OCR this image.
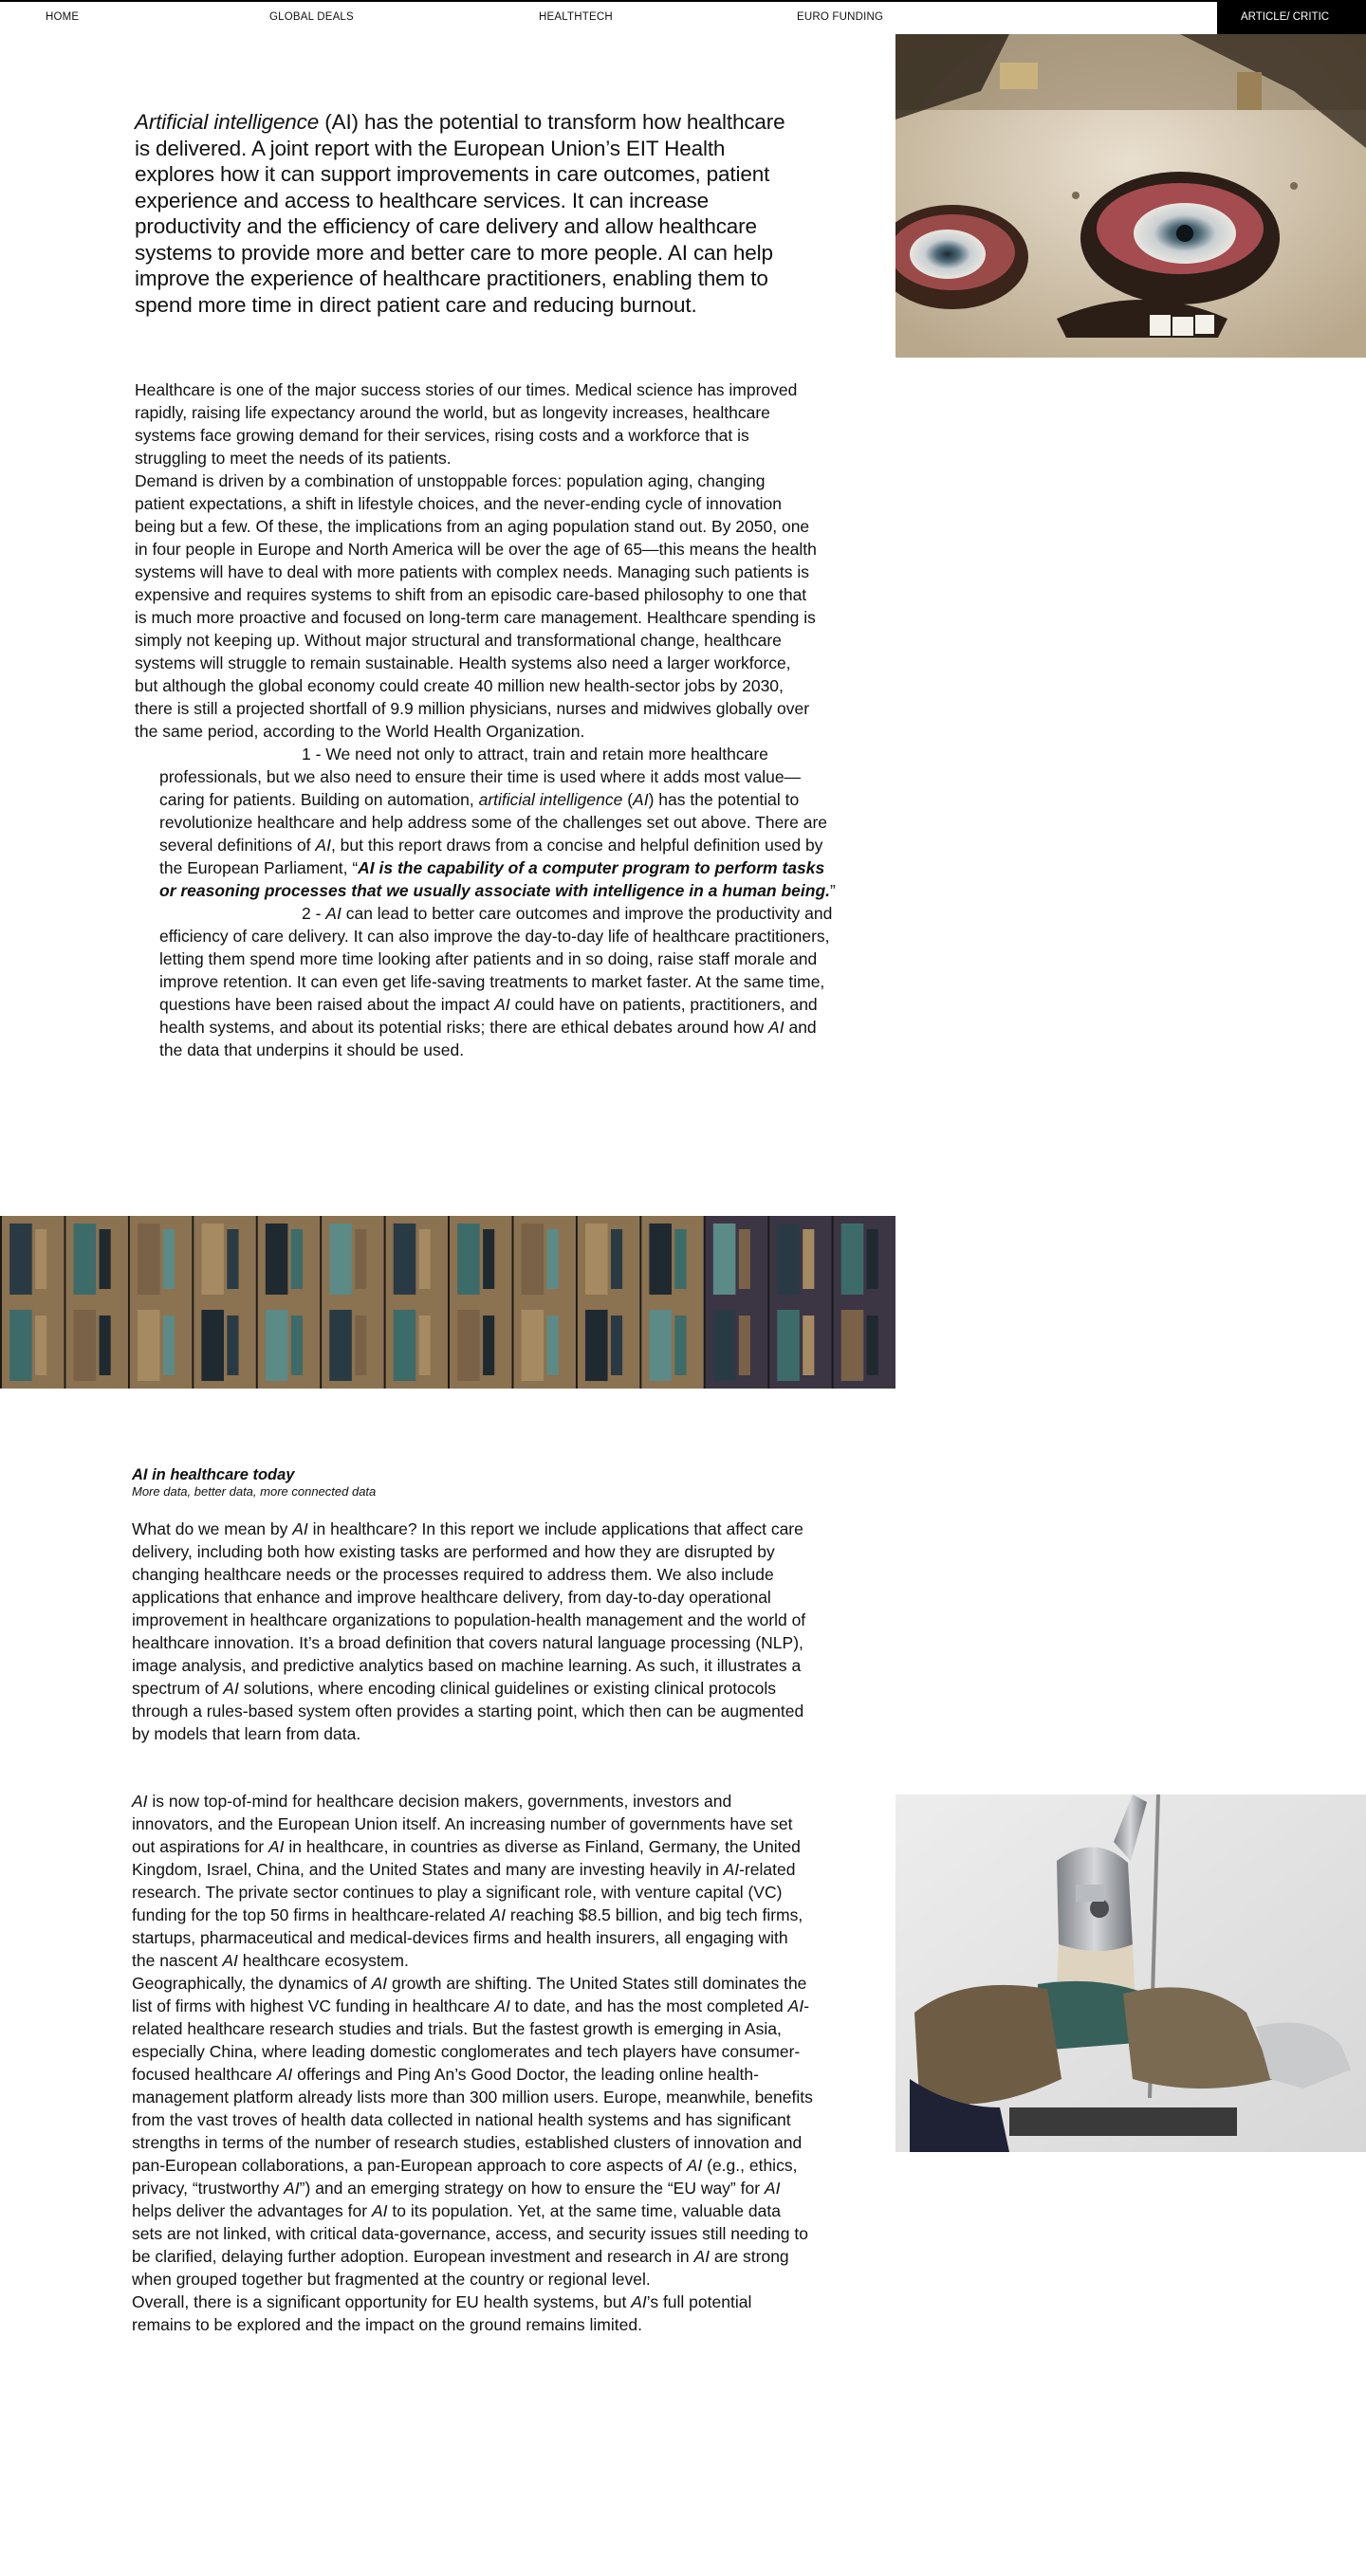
HOME	GLOBAL DEALS	HEALTHTECH	EURO FUNDING	ARTICLE/ CRITIC
Artificial intelligence (AI) has the potential to transform how healthcare is delivered. A joint report with the European Union’s EIT Health explores how it can support improvements in care outcomes, patient experience and access to healthcare services. It can increase productivity and the efficiency of care delivery and allow healthcare systems to provide more and better care to more people. AI can help improve the experience of healthcare practitioners, enabling them to spend more time in direct patient care and reducing burnout.

Healthcare is one of the major success stories of our times. Medical science has improved rapidly, raising life expectancy around the world, but as longevity increases, healthcare systems face growing demand for their services, rising costs and a workforce that is struggling to meet the needs of its patients.

Demand is driven by a combination of unstoppable forces: population aging, changing patient expectations, a shift in lifestyle choices, and the never-ending cycle of innovation being but a few. Of these, the implications from an aging population stand out. By 2050, one in four people in Europe and North America will be over the age of 65—this means the health systems will have to deal with more patients with complex needs. Managing such patients is expensive and requires systems to shift from an episodic care-based philosophy to one that is much more proactive and focused on long-term care management. Healthcare spending is simply not keeping up. Without major structural and transformational change, healthcare systems will struggle to remain sustainable. Health systems also need a larger workforce, but although the global economy could create 40 million new health-sector jobs by 2030, there is still a projected shortfall of 9.9 million physicians, nurses and midwives globally over the same period, according to the World Health Organization.

1 - We need not only to attract, train and retain more healthcare professionals, but we also need to ensure their time is used where it adds most value—caring for patients. Building on automation, artificial intelligence (AI) has the potential to revolutionize healthcare and help address some of the challenges set out above. There are several definitions of AI, but this report draws from a concise and helpful definition used by the European Parliament, “AI is the capability of a computer program to perform tasks or reasoning processes that we usually associate with intelligence in a human being.”

2 - AI can lead to better care outcomes and improve the productivity and efficiency of care delivery. It can also improve the day-to-day life of healthcare practitioners, letting them spend more time looking after patients and in so doing, raise staff morale and improve retention. It can even get life-saving treatments to market faster. At the same time, questions have been raised about the impact AI could have on patients, practitioners, and health systems, and about its potential risks; there are ethical debates around how AI and the data that underpins it should be used.

AI in healthcare today
More data, better data, more connected data
What do we mean by AI in healthcare? In this report we include applications that affect care delivery, including both how existing tasks are performed and how they are disrupted by changing healthcare needs or the processes required to address them. We also include applications that enhance and improve healthcare delivery, from day-to-day operational improvement in healthcare organizations to population-health management and the world of healthcare innovation. It’s a broad definition that covers natural language processing (NLP), image analysis, and predictive analytics based on machine learning. As such, it illustrates a spectrum of AI solutions, where encoding clinical guidelines or existing clinical protocols through a rules-based system often provides a starting point, which then can be augmented by models that learn from data.

AI is now top-of-mind for healthcare decision makers, governments, investors and innovators, and the European Union itself. An increasing number of governments have set out aspirations for AI in healthcare, in countries as diverse as Finland, Germany, the United Kingdom, Israel, China, and the United States and many are investing heavily in AI-related research. The private sector continues to play a significant role, with venture capital (VC) funding for the top 50 firms in healthcare-related AI reaching $8.5 billion, and big tech firms, startups, pharmaceutical and medical-devices firms and health insurers, all engaging with the nascent AI healthcare ecosystem.

Geographically, the dynamics of AI growth are shifting. The United States still dominates the list of firms with highest VC funding in healthcare AI to date, and has the most completed AI-related healthcare research studies and trials. But the fastest growth is emerging in Asia, especially China, where leading domestic conglomerates and tech players have consumer-focused healthcare AI offerings and Ping An’s Good Doctor, the leading online health-management platform already lists more than 300 million users. Europe, meanwhile, benefits from the vast troves of health data collected in national health systems and has significant strengths in terms of the number of research studies, established clusters of innovation and pan-European collaborations, a pan-European approach to core aspects of AI (e.g., ethics, privacy, “trustworthy AI”) and an emerging strategy on how to ensure the “EU way” for AI helps deliver the advantages for AI to its population. Yet, at the same time, valuable data sets are not linked, with critical data-governance, access, and security issues still needing to be clarified, delaying further adoption. European investment and research in AI are strong when grouped together but fragmented at the country or regional level.

Overall, there is a significant opportunity for EU health systems, but AI’s full potential remains to be explored and the impact on the ground remains limited.
